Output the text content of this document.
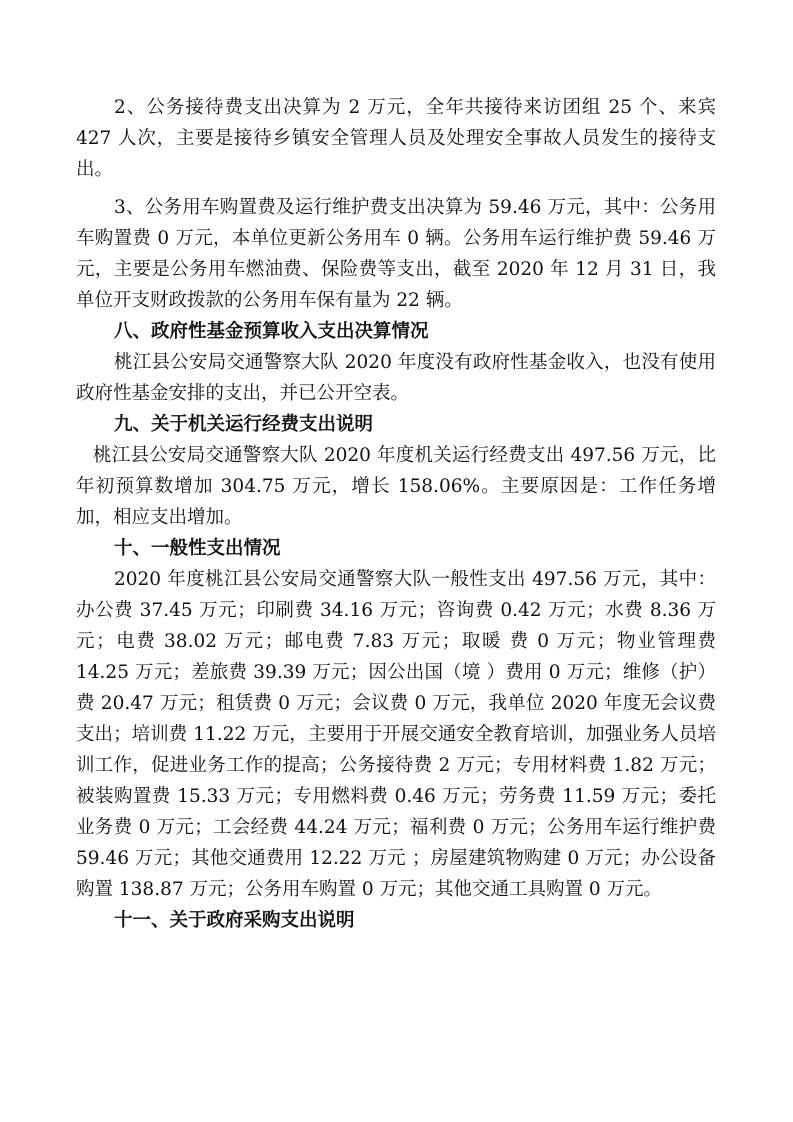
2、公务接待费支出决算为 2 万元，全年共接待来访团组 25 个、来宾 427 人次，主要是接待乡镇安全管理人员及处理安全事故人员发生的接待支出。

3、公务用车购置费及运行维护费支出决算为 59.46 万元，其中：公务用车购置费 0 万元，本单位更新公务用车 0 辆。公务用车运行维护费 59.46 万元，主要是公务用车燃油费、保险费等支出，截至 2020 年 12 月 31 日，我单位开支财政拨款的公务用车保有量为 22 辆。

八、政府性基金预算收入支出决算情况

桃江县公安局交通警察大队 2020 年度没有政府性基金收入，也没有使用政府性基金安排的支出，并已公开空表。

九、关于机关运行经费支出说明

桃江县公安局交通警察大队 2020 年度机关运行经费支出 497.56 万元，比年初预算数增加 304.75 万元，增长 158.06%。主要原因是：工作任务增加，相应支出增加。

十、一般性支出情况

2020 年度桃江县公安局交通警察大队一般性支出 497.56 万元，其中：办公费 37.45 万元；印刷费 34.16 万元；咨询费 0.42 万元；水费 8.36 万元；电费 38.02 万元；邮电费 7.83 万元；取暖 费 0 万元；物业管理费 14.25 万元；差旅费 39.39 万元；因公出国（境 ）费用 0 万元；维修（护）费 20.47 万元；租赁费 0 万元；会议费 0 万元，我单位 2020 年度无会议费支出；培训费 11.22 万元，主要用于开展交通安全教育培训，加强业务人员培训工作，促进业务工作的提高；公务接待费 2 万元；专用材料费 1.82 万元；被装购置费 15.33 万元；专用燃料费 0.46 万元；劳务费 11.59 万元；委托业务费 0 万元；工会经费 44.24 万元；福利费 0 万元；公务用车运行维护费 59.46 万元；其他交通费用 12.22 万元 ；房屋建筑物购建 0 万元；办公设备购置 138.87 万元；公务用车购置 0 万元；其他交通工具购置 0 万元。

十一、关于政府采购支出说明
